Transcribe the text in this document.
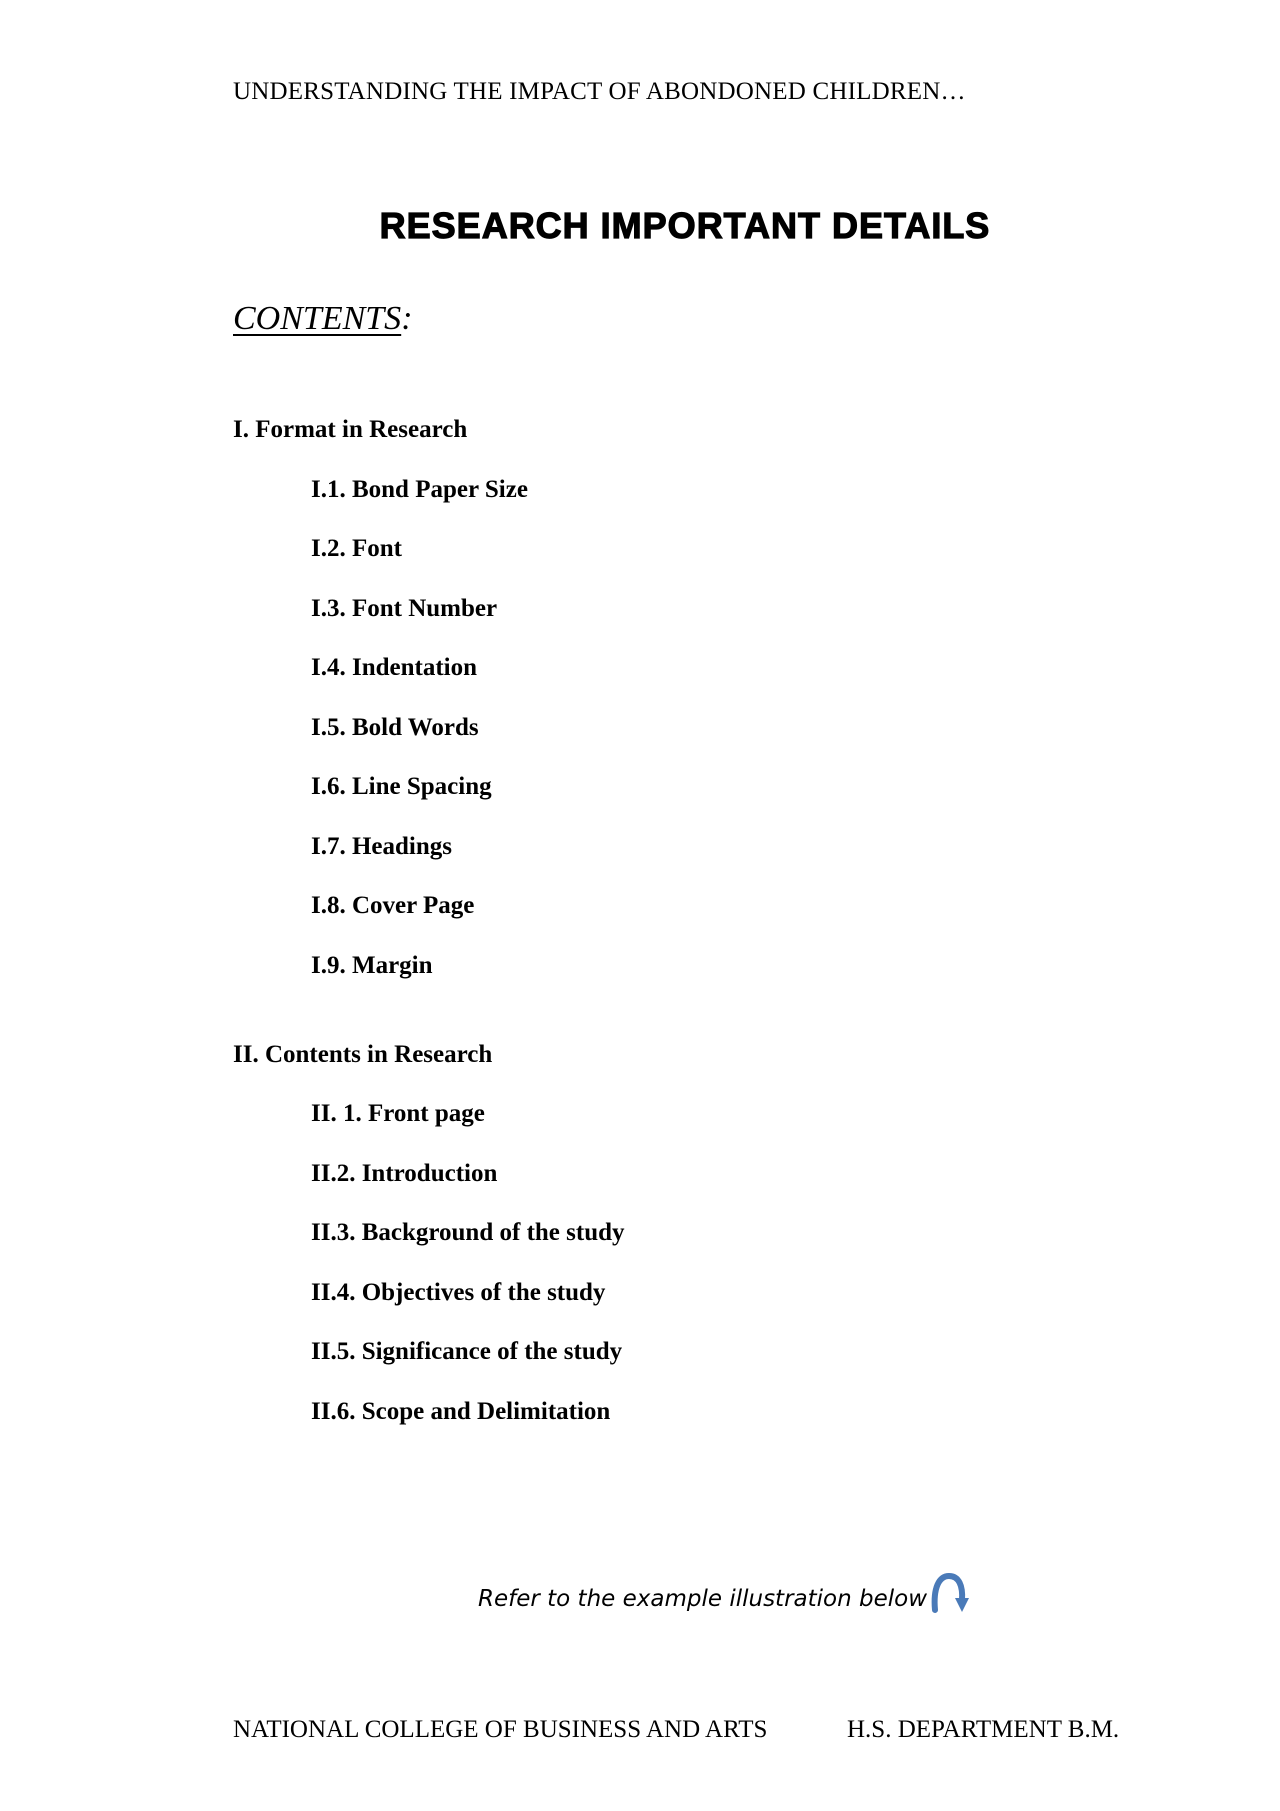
UNDERSTANDING THE IMPACT OF ABONDONED CHILDREN…
RESEARCH IMPORTANT DETAILS
CONTENTS:
I. Format in Research
I.1. Bond Paper Size
I.2. Font
I.3. Font Number
I.4. Indentation
I.5. Bold Words
I.6. Line Spacing
I.7. Headings
I.8. Cover Page
I.9. Margin
II. Contents in Research
II. 1. Front page
II.2. Introduction
II.3. Background of the study
II.4. Objectives of the study
II.5. Significance of the study
II.6. Scope and Delimitation
Refer to the example illustration below
NATIONAL COLLEGE OF BUSINESS AND ARTS	H.S. DEPARTMENT B.M.
